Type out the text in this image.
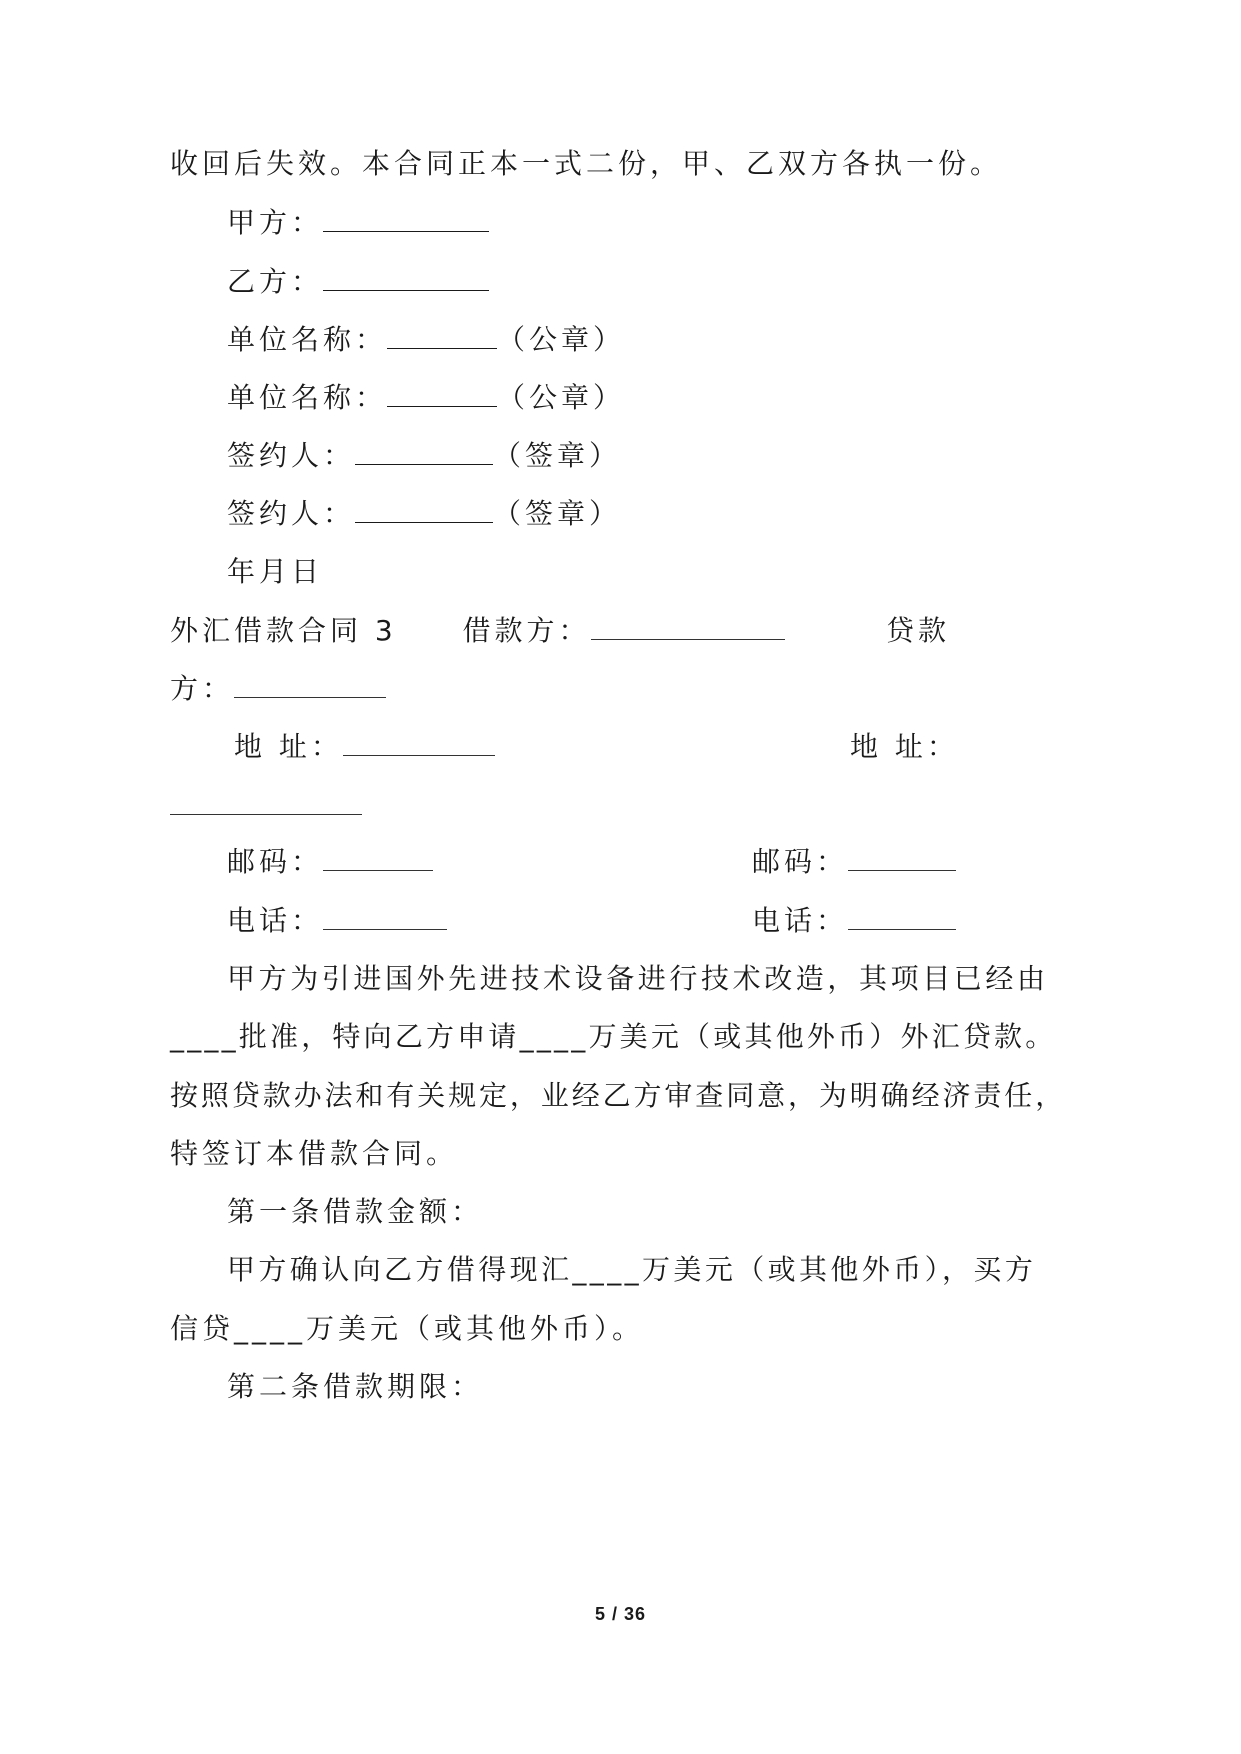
收回后失效。本合同正本一式二份，甲、乙双方各执一份。
甲方：
乙方：
单位名称：	（公章）
单位名称：	（公章）
签约人：	（签章）
签约人：	（签章）
年月日
外汇借款合同 3 借款方：	贷款
方：
地 址：	地 址：
邮码：	邮码：
电话：	电话：
甲方为引进国外先进技术设备进行技术改造，其项目已经由
____批准，特向乙方申请____万美元（或其他外币）外汇贷款。
按照贷款办法和有关规定，业经乙方审查同意，为明确经济责任，
特签订本借款合同。
第一条借款金额：
甲方确认向乙方借得现汇____万美元（或其他外币），买方
信贷____万美元（或其他外币）。
第二条借款期限：
5 / 36
